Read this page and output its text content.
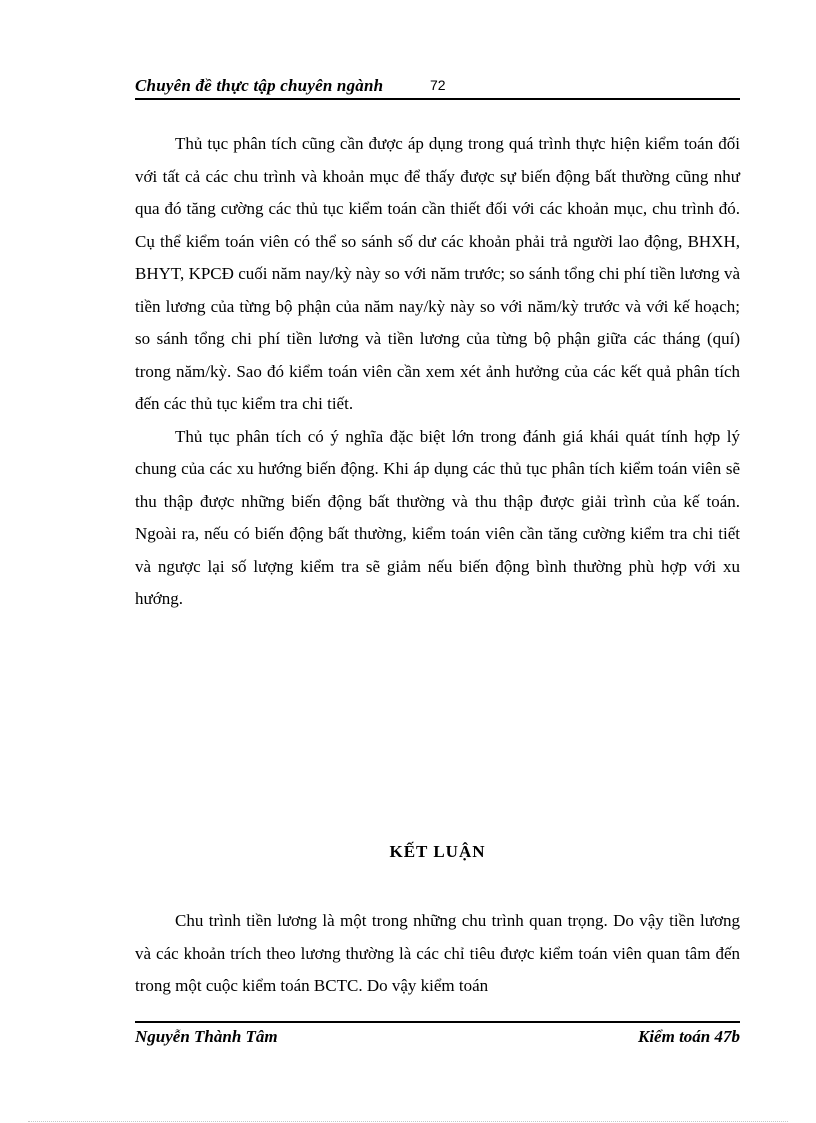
Chuyên đề thực tập chuyên ngành	72

Thủ tục phân tích cũng cần được áp dụng trong quá trình thực hiện kiểm toán đối với tất cả các chu trình và khoản mục để thấy được sự biến động bất thường cũng như qua đó tăng cường các thủ tục kiểm toán cần thiết đối với các khoản mục, chu trình đó. Cụ thể kiểm toán viên có thể so sánh số dư các khoản phải trả người lao động, BHXH, BHYT, KPCĐ cuối năm nay/kỳ này so với năm trước; so sánh tổng chi phí tiền lương và tiền lương của từng bộ phận của năm nay/kỳ này so với năm/kỳ trước và với kế hoạch; so sánh tổng chi phí tiền lương và tiền lương của từng bộ phận giữa các tháng (quí) trong năm/kỳ. Sao đó kiểm toán viên cần xem xét ảnh hưởng của các kết quả phân tích đến các thủ tục kiểm tra chi tiết.

Thủ tục phân tích có ý nghĩa đặc biệt lớn trong đánh giá khái quát tính hợp lý chung của các xu hướng biến động. Khi áp dụng các thủ tục phân tích kiểm toán viên sẽ thu thập được những biến động bất thường và thu thập được giải trình của kế toán. Ngoài ra, nếu có biến động bất thường, kiểm toán viên cần tăng cường kiểm tra chi tiết và ngược lại số lượng kiểm tra sẽ giảm nếu biến động bình thường phù hợp với xu hướng.

KẾT LUẬN

Chu trình tiền lương là một trong những chu trình quan trọng. Do vậy tiền lương và các khoản trích theo lương thường là các chỉ tiêu được kiểm toán viên quan tâm đến trong một cuộc kiểm toán BCTC. Do vậy kiểm toán

Nguyễn Thành Tâm	Kiểm toán 47b
